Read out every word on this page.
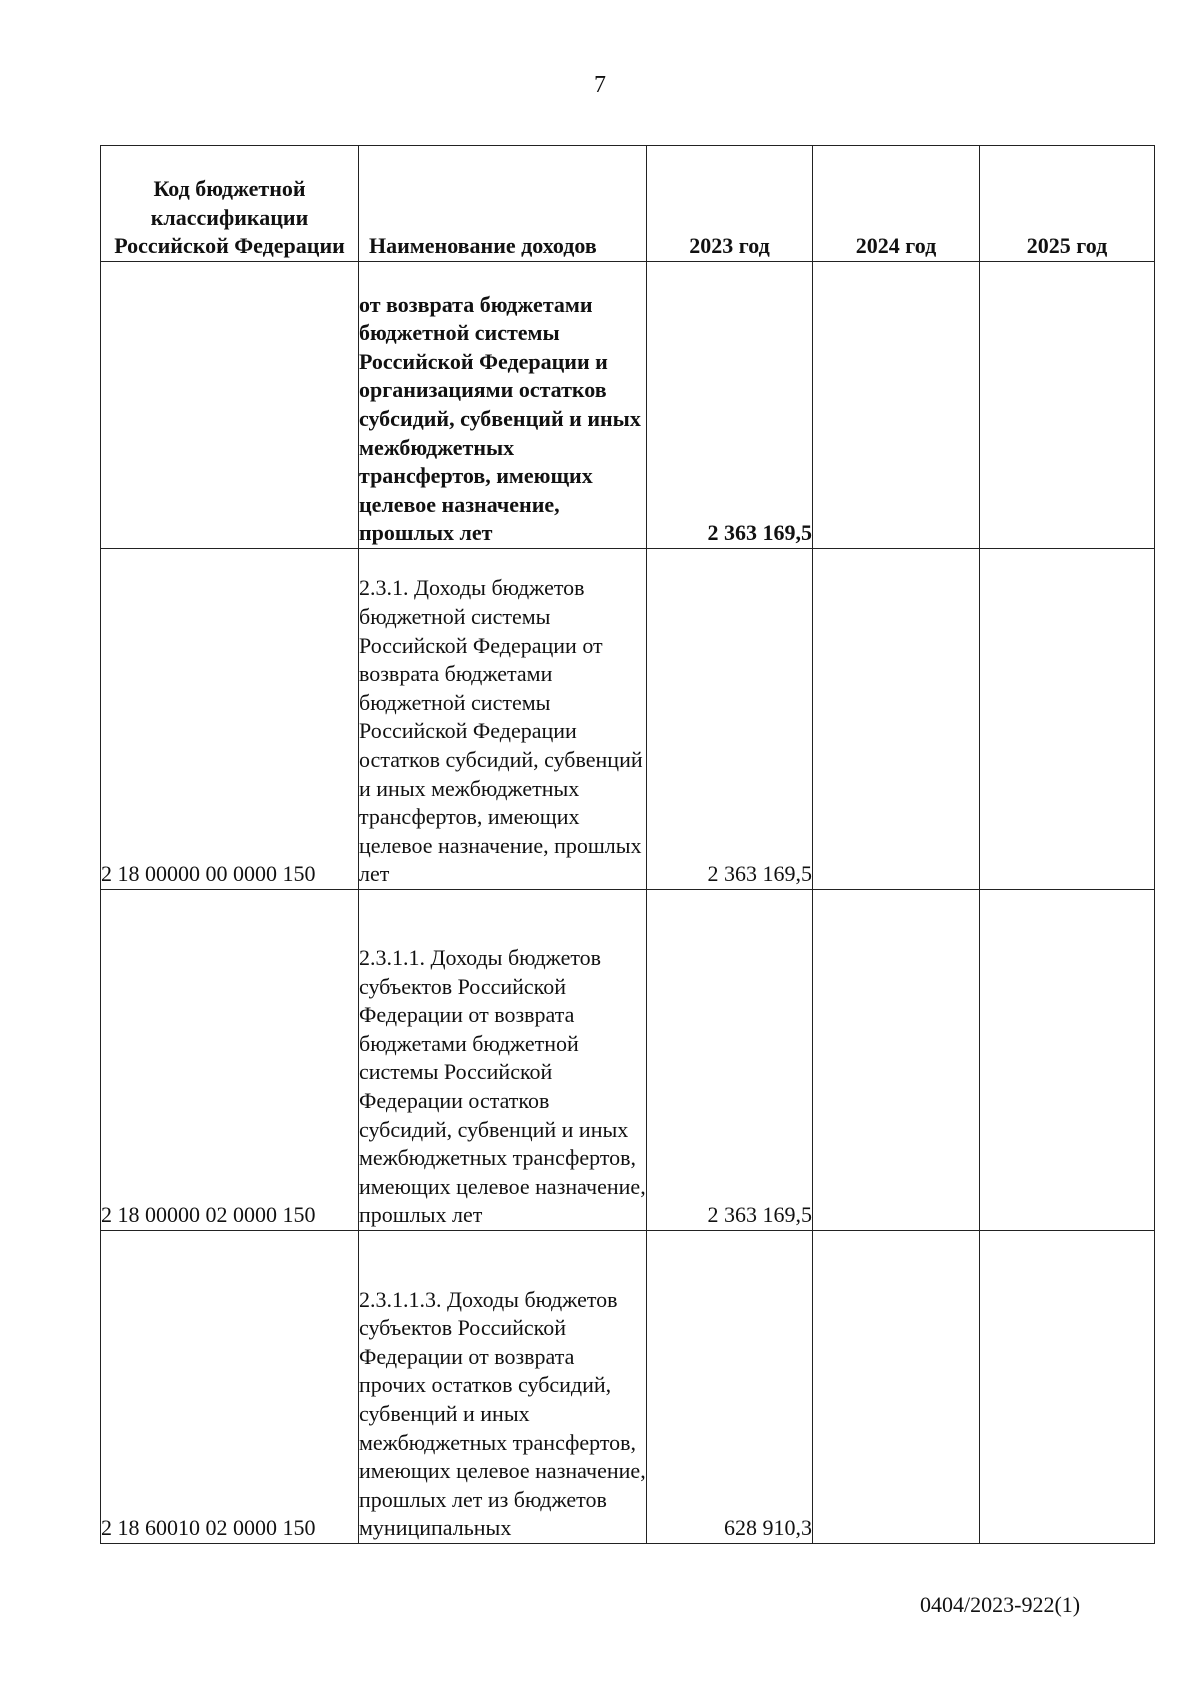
7
Код бюджетной классификации Российской Федерации	Наименование доходов	2023 год	2024 год	2025 год
	от возврата бюджетами бюджетной системы Российской Федерации и организациями остатков субсидий, субвенций и иных межбюджетных трансфертов, имеющих целевое назначение, прошлых лет	2 363 169,5		
2 18 00000 00 0000 150	2.3.1. Доходы бюджетов бюджетной системы Российской Федерации от возврата бюджетами бюджетной системы Российской Федерации остатков субсидий, субвенций и иных межбюджетных трансфертов, имеющих целевое назначение, прошлых лет	2 363 169,5		
2 18 00000 02 0000 150	2.3.1.1. Доходы бюджетов субъектов Российской Федерации от возврата бюджетами бюджетной системы Российской Федерации остатков субсидий, субвенций и иных межбюджетных трансфертов, имеющих целевое назначение, прошлых лет	2 363 169,5		
2 18 60010 02 0000 150	2.3.1.1.3. Доходы бюджетов субъектов Российской Федерации от возврата прочих остатков субсидий, субвенций и иных межбюджетных трансфертов, имеющих целевое назначение, прошлых лет из бюджетов муниципальных	628 910,3		
0404/2023-922(1)
